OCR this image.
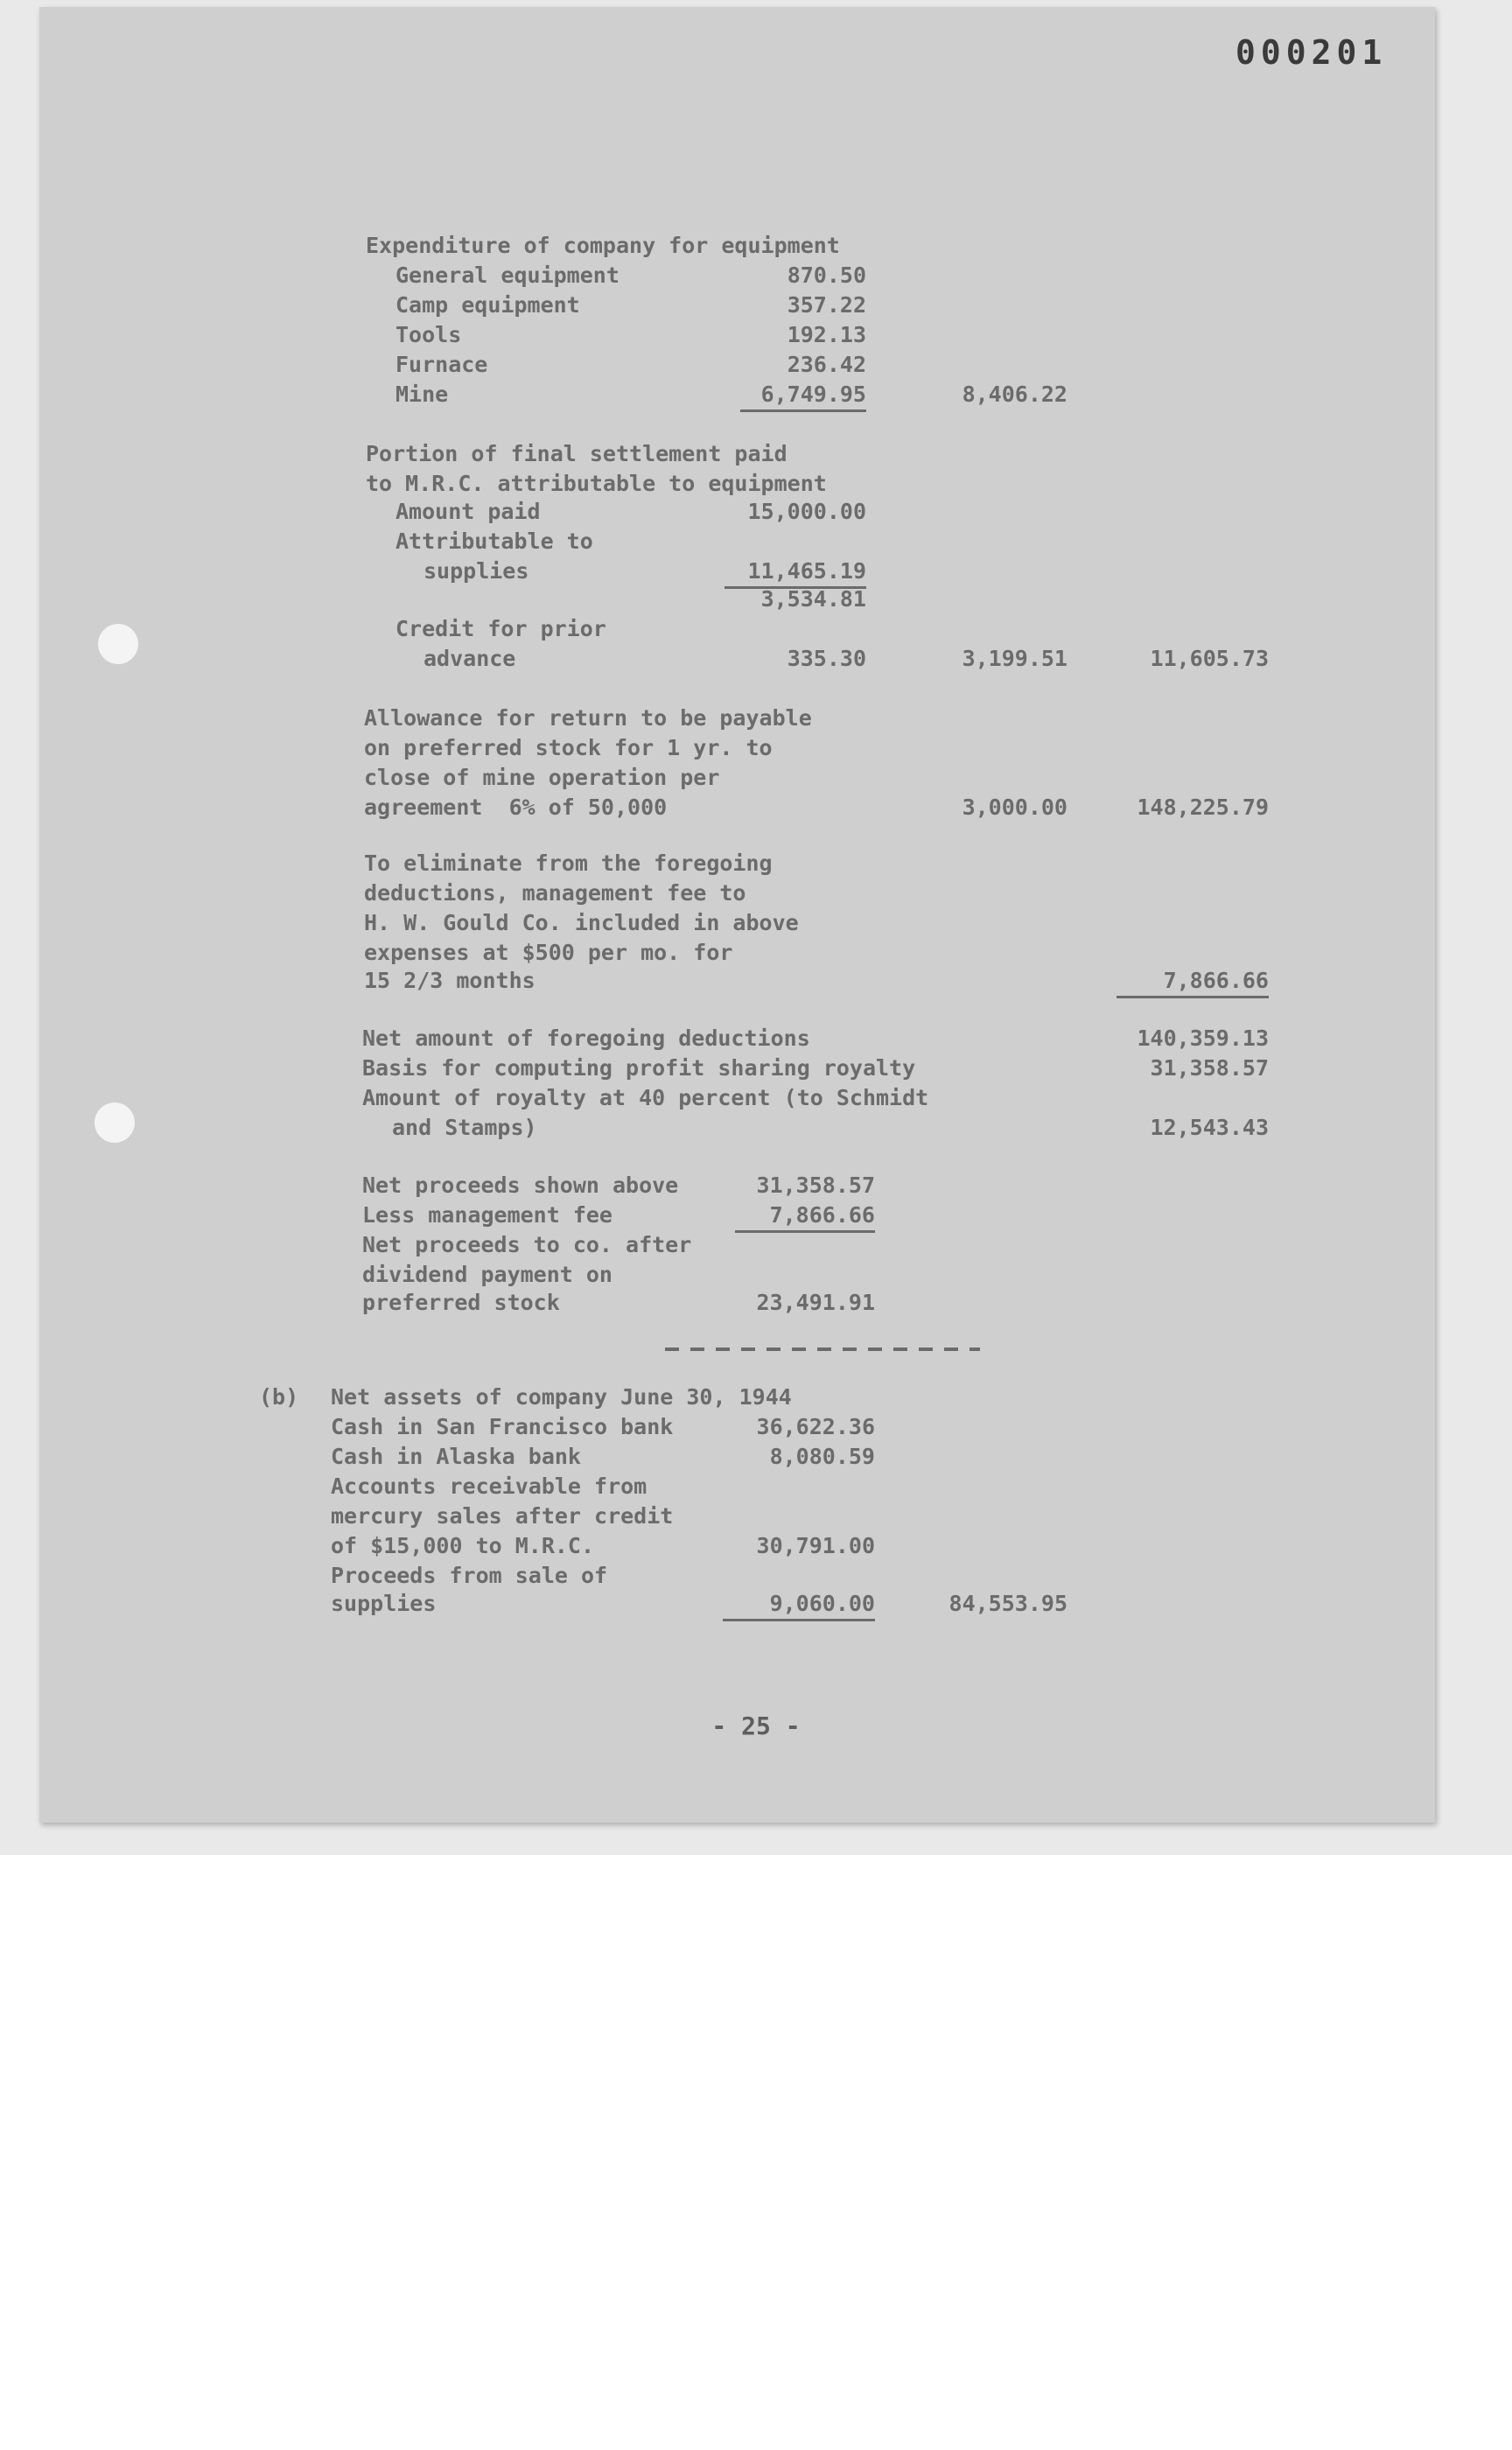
000201
Expenditure of company for equipment
General equipment	870.50
Camp equipment	357.22
Tools	192.13
Furnace	236.42
Mine	6,749.95	8,406.22
Portion of final settlement paid
to M.R.C. attributable to equipment
Amount paid	15,000.00
Attributable to
supplies	11,465.19
3,534.81
Credit for prior
advance	335.30	3,199.51	11,605.73
Allowance for return to be payable
on preferred stock for 1 yr. to
close of mine operation per
agreement  6% of 50,000	3,000.00	148,225.79
To eliminate from the foregoing
deductions, management fee to
H. W. Gould Co. included in above
expenses at $500 per mo. for
15 2/3 months	7,866.66
Net amount of foregoing deductions	140,359.13
Basis for computing profit sharing royalty	31,358.57
Amount of royalty at 40 percent (to Schmidt
and Stamps)	12,543.43
Net proceeds shown above	31,358.57
Less management fee	7,866.66
Net proceeds to co. after
dividend payment on
preferred stock	23,491.91
(b) Net assets of company June 30, 1944
Cash in San Francisco bank	36,622.36
Cash in Alaska bank	8,080.59
Accounts receivable from
mercury sales after credit
of $15,000 to M.R.C.	30,791.00
Proceeds from sale of
supplies	9,060.00	84,553.95
- 25 -
